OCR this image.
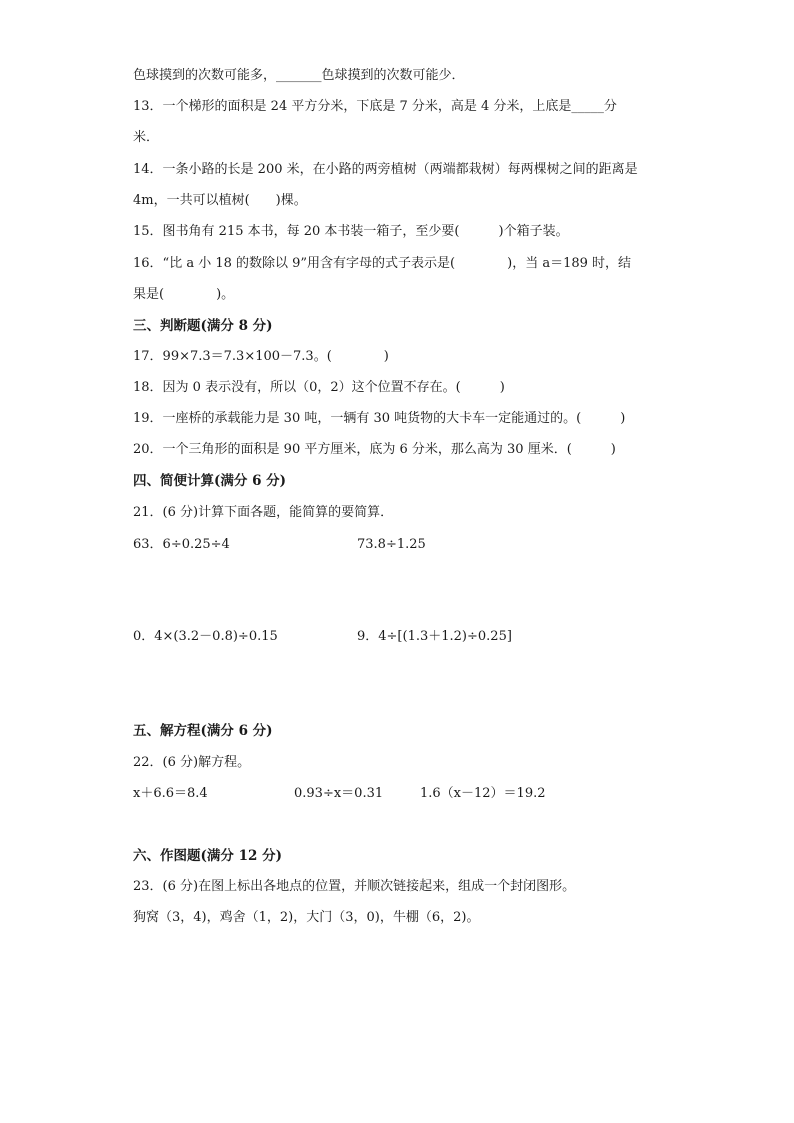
色球摸到的次数可能多，_______色球摸到的次数可能少．
13．一个梯形的面积是 24 平方分米，下底是 7 分米，高是 4 分米，上底是_____分
米．
14．一条小路的长是 200 米，在小路的两旁植树（两端都栽树）每两棵树之间的距离是
4m，一共可以植树(　　)棵。
15．图书角有 215 本书，每 20 本书装一箱子，至少要(　　　)个箱子装。
16．“比 a 小 18 的数除以 9”用含有字母的式子表示是(　　　　)，当 a＝189 时，结
果是(　　　　)。
三、判断题(满分 8 分)
17．99×7.3＝7.3×100－7.3。(　　　　)
18．因为 0 表示没有，所以（0，2）这个位置不存在。(　　　)
19．一座桥的承载能力是 30 吨，一辆有 30 吨货物的大卡车一定能通过的。(　　　)
20．一个三角形的面积是 90 平方厘米，底为 6 分米，那么高为 30 厘米．(　　　)
四、简便计算(满分 6 分)
21．(6 分)计算下面各题，能简算的要简算．
63．6÷0.25÷4	73.8÷1.25
0．4×(3.2－0.8)÷0.15	9．4÷[(1.3＋1.2)÷0.25]
五、解方程(满分 6 分)
22．(6 分)解方程。
x＋6.6＝8.4	0.93÷x＝0.31	1.6（x－12）＝19.2
六、作图题(满分 12 分)
23．(6 分)在图上标出各地点的位置，并顺次链接起来，组成一个封闭图形。
狗窝（3，4)，鸡舍（1，2)，大门（3，0)，牛棚（6，2)。
